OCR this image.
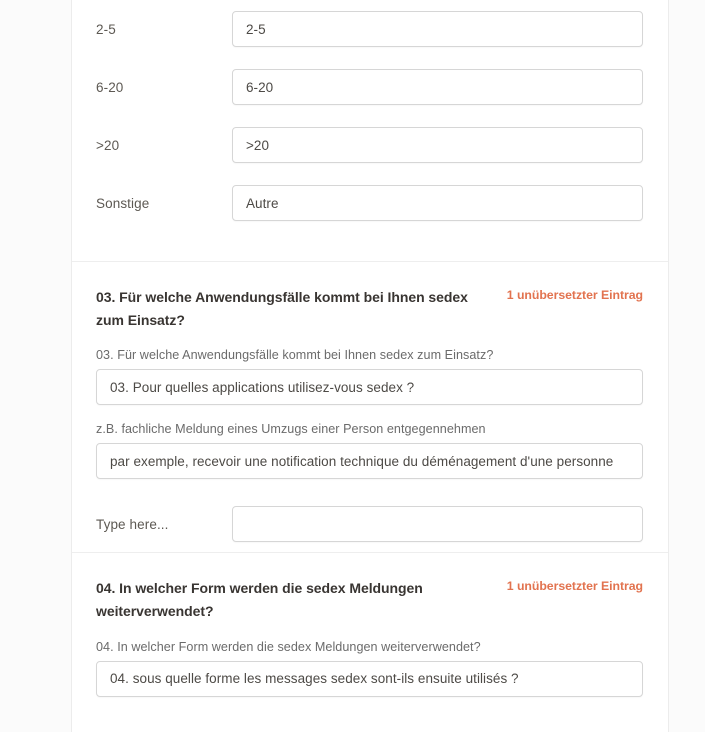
2-5
2-5
6-20
6-20
>20
>20
Sonstige
Autre
03. Für welche Anwendungsfälle kommt bei Ihnen sedex zum Einsatz?
1 unübersetzter Eintrag
03. Für welche Anwendungsfälle kommt bei Ihnen sedex zum Einsatz?
03. Pour quelles applications utilisez-vous sedex ?
z.B. fachliche Meldung eines Umzugs einer Person entgegennehmen
par exemple, recevoir une notification technique du déménagement d'une personne
Type here...
04. In welcher Form werden die sedex Meldungen weiterverwendet?
1 unübersetzter Eintrag
04. In welcher Form werden die sedex Meldungen weiterverwendet?
04. sous quelle forme les messages sedex sont-ils ensuite utilisés ?
